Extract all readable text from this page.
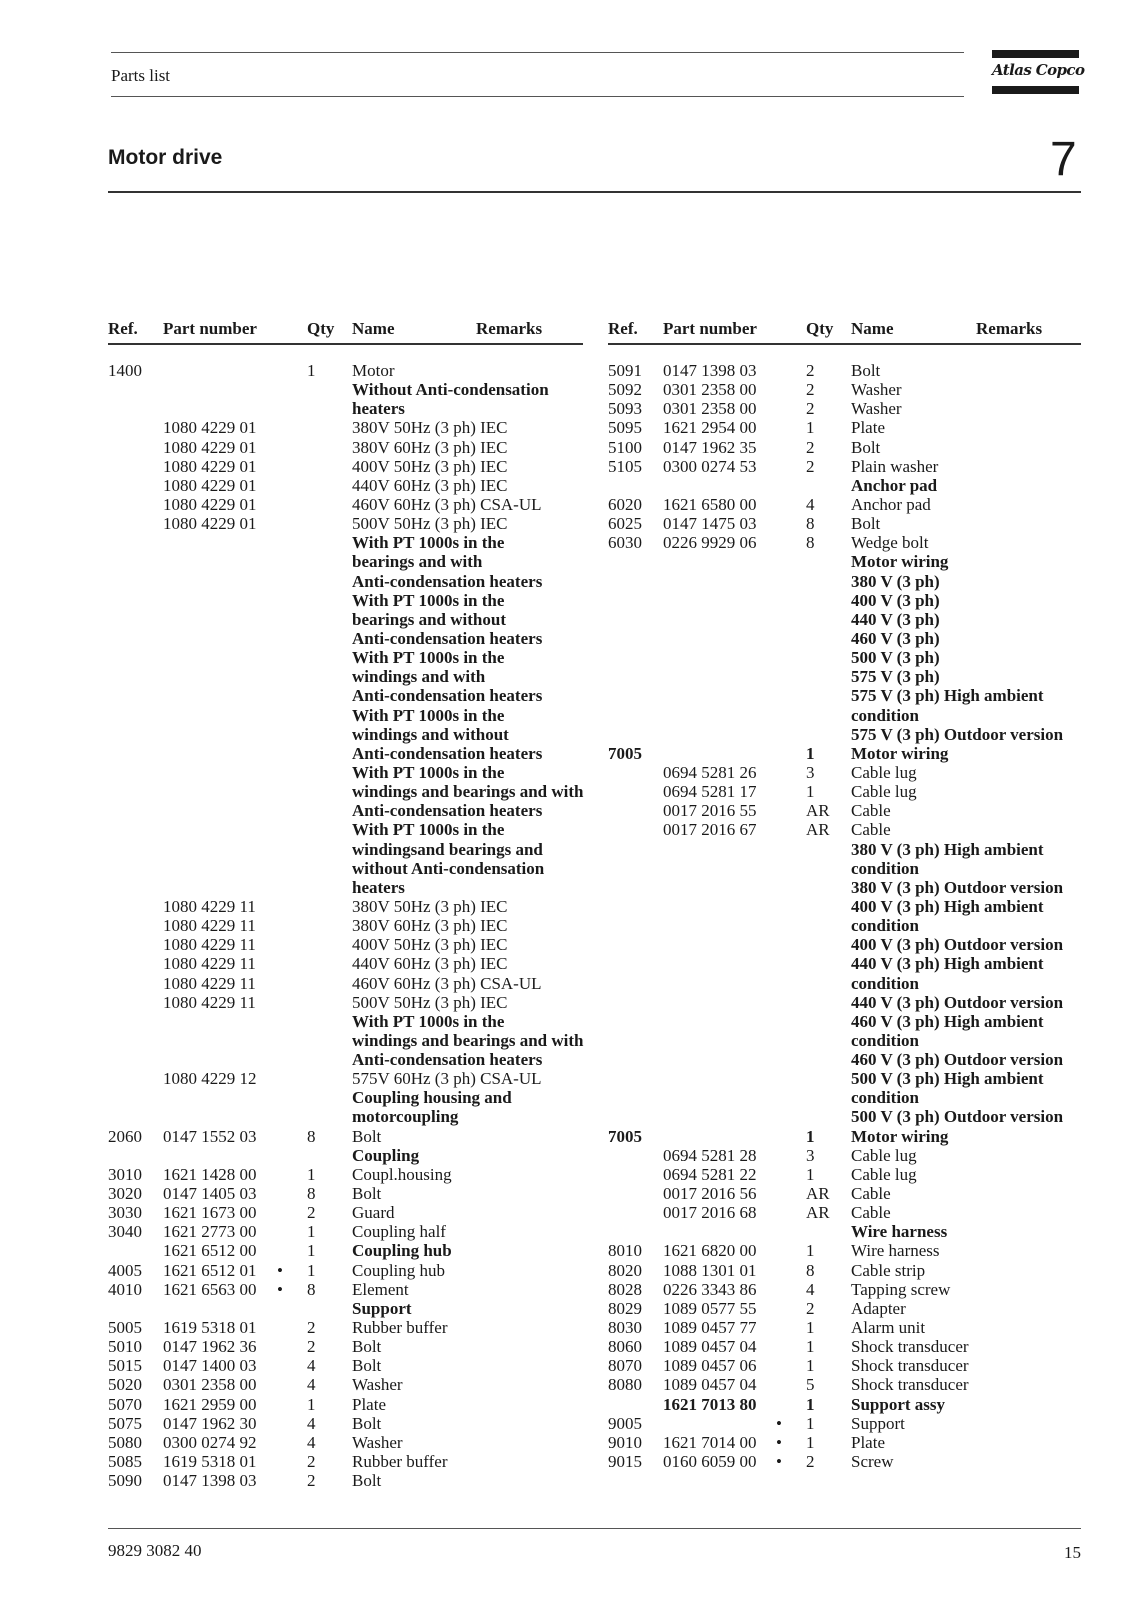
Parts list	Atlas Copco
Motor drive	7
Ref. Part number	Qty Name	Remarks
1400	1 Motor
Without Anti-condensation
heaters
1080 4229 01	380V 50Hz (3 ph) IEC
1080 4229 01	380V 60Hz (3 ph) IEC
1080 4229 01	400V 50Hz (3 ph) IEC
1080 4229 01	440V 60Hz (3 ph) IEC
1080 4229 01	460V 60Hz (3 ph) CSA-UL
1080 4229 01	500V 50Hz (3 ph) IEC
With PT 1000s in the
bearings and with
Anti-condensation heaters
With PT 1000s in the
bearings and without
Anti-condensation heaters
With PT 1000s in the
windings and with
Anti-condensation heaters
With PT 1000s in the
windings and without
Anti-condensation heaters
With PT 1000s in the
windings and bearings and with
Anti-condensation heaters
With PT 1000s in the
windingsand bearings and
without Anti-condensation
heaters
1080 4229 11	380V 50Hz (3 ph) IEC
1080 4229 11	380V 60Hz (3 ph) IEC
1080 4229 11	400V 50Hz (3 ph) IEC
1080 4229 11	440V 60Hz (3 ph) IEC
1080 4229 11	460V 60Hz (3 ph) CSA-UL
1080 4229 11	500V 50Hz (3 ph) IEC
With PT 1000s in the
windings and bearings and with
Anti-condensation heaters
1080 4229 12	575V 60Hz (3 ph) CSA-UL
Coupling housing and
motorcoupling
2060 0147 1552 03	8 Bolt
Coupling
3010 1621 1428 00	1 Coupl.housing
3020 0147 1405 03	8 Bolt
3030 1621 1673 00	2 Guard
3040 1621 2773 00	1 Coupling half
1621 6512 00	1 Coupling hub
4005 1621 6512 01 • 1 Coupling hub
4010 1621 6563 00 • 8 Element
Support
5005 1619 5318 01	2 Rubber buffer
5010 0147 1962 36	2 Bolt
5015 0147 1400 03	4 Bolt
5020 0301 2358 00	4 Washer
5070 1621 2959 00	1 Plate
5075 0147 1962 30	4 Bolt
5080 0300 0274 92	4 Washer
5085 1619 5318 01	2 Rubber buffer
5090 0147 1398 03	2 Bolt
Ref. Part number	Qty Name	Remarks
5091 0147 1398 03	2 Bolt
5092 0301 2358 00	2 Washer
5093 0301 2358 00	2 Washer
5095 1621 2954 00	1 Plate
5100 0147 1962 35	2 Bolt
5105 0300 0274 53	2 Plain washer
Anchor pad
6020 1621 6580 00	4 Anchor pad
6025 0147 1475 03	8 Bolt
6030 0226 9929 06	8 Wedge bolt
Motor wiring
380 V (3 ph)
400 V (3 ph)
440 V (3 ph)
460 V (3 ph)
500 V (3 ph)
575 V (3 ph)
575 V (3 ph) High ambient
condition
575 V (3 ph) Outdoor version
7005	1 Motor wiring
0694 5281 26	3 Cable lug
0694 5281 17	1 Cable lug
0017 2016 55	AR Cable
0017 2016 67	AR Cable
380 V (3 ph) High ambient
condition
380 V (3 ph) Outdoor version
400 V (3 ph) High ambient
condition
400 V (3 ph) Outdoor version
440 V (3 ph) High ambient
condition
440 V (3 ph) Outdoor version
460 V (3 ph) High ambient
condition
460 V (3 ph) Outdoor version
500 V (3 ph) High ambient
condition
500 V (3 ph) Outdoor version
7005	1 Motor wiring
0694 5281 28	3 Cable lug
0694 5281 22	1 Cable lug
0017 2016 56	AR Cable
0017 2016 68	AR Cable
Wire harness
8010 1621 6820 00	1 Wire harness
8020 1088 1301 01	8 Cable strip
8028 0226 3343 86	4 Tapping screw
8029 1089 0577 55	2 Adapter
8030 1089 0457 77	1 Alarm unit
8060 1089 0457 04	1 Shock transducer
8070 1089 0457 06	1 Shock transducer
8080 1089 0457 04	5 Shock transducer
1621 7013 80	1 Support assy
9005	• 1 Support
9010 1621 7014 00 • 1 Plate
9015 0160 6059 00 • 2 Screw
9829 3082 40	15
